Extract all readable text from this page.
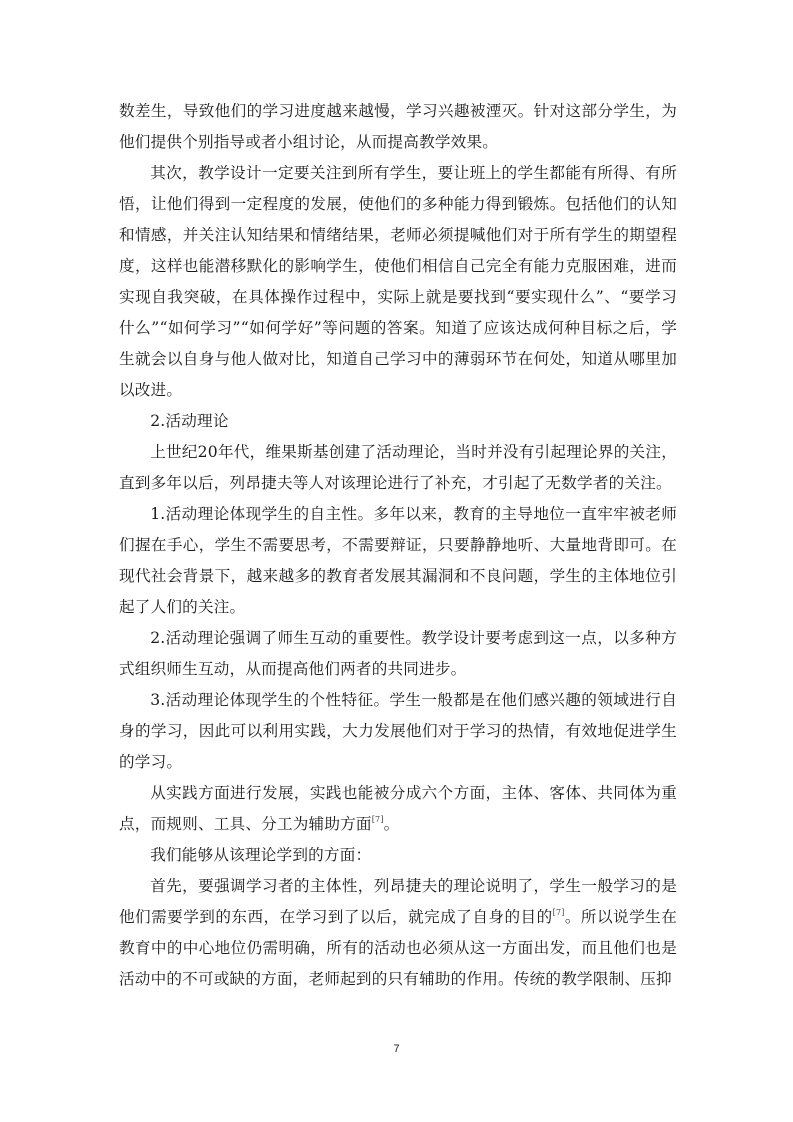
数差生，导致他们的学习进度越来越慢，学习兴趣被湮灭。针对这部分学生，为他们提供个别指导或者小组讨论，从而提高教学效果。

其次，教学设计一定要关注到所有学生，要让班上的学生都能有所得、有所悟，让他们得到一定程度的发展，使他们的多种能力得到锻炼。包括他们的认知和情感，并关注认知结果和情绪结果，老师必须提喊他们对于所有学生的期望程度，这样也能潜移默化的影响学生，使他们相信自己完全有能力克服困难，进而实现自我突破，在具体操作过程中，实际上就是要找到“要实现什么”、“要学习什么”“如何学习”“如何学好”等问题的答案。知道了应该达成何种目标之后，学生就会以自身与他人做对比，知道自己学习中的薄弱环节在何处，知道从哪里加以改进。

2.活动理论

上世纪20年代，维果斯基创建了活动理论，当时并没有引起理论界的关注，直到多年以后，列昂捷夫等人对该理论进行了补充，才引起了无数学者的关注。

1.活动理论体现学生的自主性。多年以来，教育的主导地位一直牢牢被老师们握在手心，学生不需要思考，不需要辩证，只要静静地听、大量地背即可。在现代社会背景下，越来越多的教育者发展其漏洞和不良问题，学生的主体地位引起了人们的关注。

2.活动理论强调了师生互动的重要性。教学设计要考虑到这一点，以多种方式组织师生互动，从而提高他们两者的共同进步。

3.活动理论体现学生的个性特征。学生一般都是在他们感兴趣的领域进行自身的学习，因此可以利用实践，大力发展他们对于学习的热情，有效地促进学生的学习。

从实践方面进行发展，实践也能被分成六个方面，主体、客体、共同体为重点，而规则、工具、分工为辅助方面[7]。

我们能够从该理论学到的方面：

首先，要强调学习者的主体性，列昂捷夫的理论说明了，学生一般学习的是他们需要学到的东西，在学习到了以后，就完成了自身的目的[7]。所以说学生在教育中的中心地位仍需明确，所有的活动也必须从这一方面出发，而且他们也是活动中的不可或缺的方面，老师起到的只有辅助的作用。传统的教学限制、压抑

7
